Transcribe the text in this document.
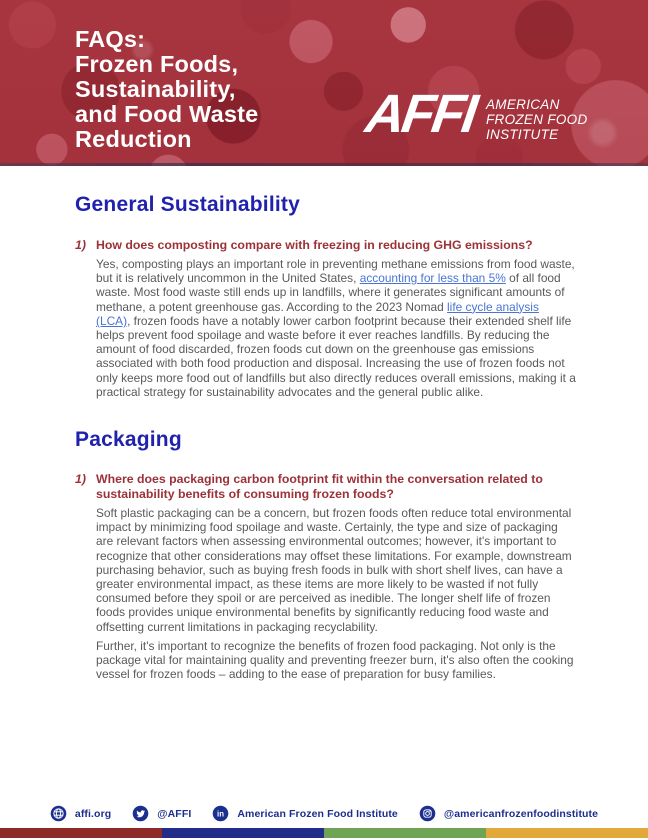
FAQs:
Frozen Foods,
Sustainability,
and Food Waste
Reduction	AFFI AMERICAN
FROZEN FOOD
INSTITUTE
General Sustainability
1) How does composting compare with freezing in reducing GHG emissions?

Yes, composting plays an important role in preventing methane emissions from food waste, but it is relatively uncommon in the United States, accounting for less than 5% of all food waste. Most food waste still ends up in landfills, where it generates significant amounts of methane, a potent greenhouse gas. According to the 2023 Nomad life cycle analysis (LCA), frozen foods have a notably lower carbon footprint because their extended shelf life helps prevent food spoilage and waste before it ever reaches landfills. By reducing the amount of food discarded, frozen foods cut down on the greenhouse gas emissions associated with both food production and disposal. Increasing the use of frozen foods not only keeps more food out of landfills but also directly reduces overall emissions, making it a practical strategy for sustainability advocates and the general public alike.

Packaging
1) Where does packaging carbon footprint fit within the conversation related to sustainability benefits of consuming frozen foods?

Soft plastic packaging can be a concern, but frozen foods often reduce total environmental impact by minimizing food spoilage and waste. Certainly, the type and size of packaging are relevant factors when assessing environmental outcomes; however, it's important to recognize that other considerations may offset these limitations. For example, downstream purchasing behavior, such as buying fresh foods in bulk with short shelf lives, can have a greater environmental impact, as these items are more likely to be wasted if not fully consumed before they spoil or are perceived as inedible. The longer shelf life of frozen foods provides unique environmental benefits by significantly reducing food waste and offsetting current limitations in packaging recyclability.

Further, it's important to recognize the benefits of frozen food packaging. Not only is the package vital for maintaining quality and preventing freezer burn, it's also often the cooking vessel for frozen foods – adding to the ease of preparation for busy families.

affi.org	@AFFI in American Frozen Food Institute	@americanfrozenfoodinstitute
